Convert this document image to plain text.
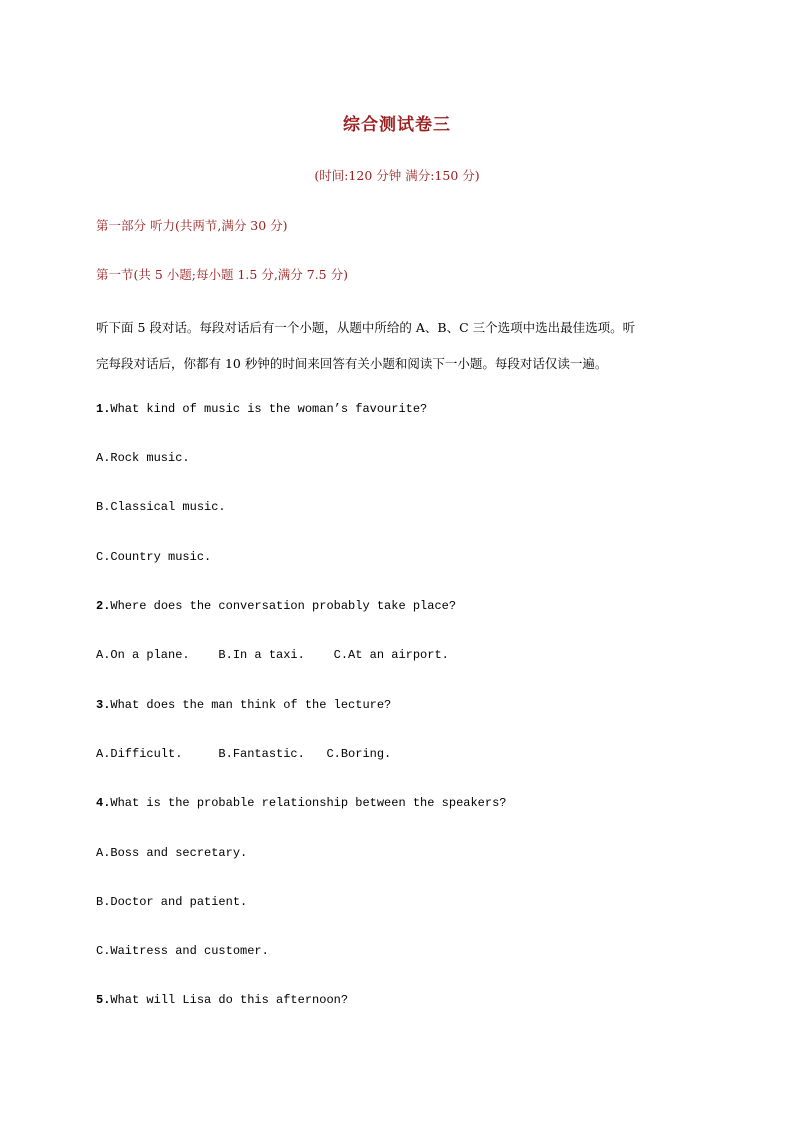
综合测试卷三
(时间:120 分钟 满分:150 分)
第一部分 听力(共两节,满分 30 分)
第一节(共 5 小题;每小题 1.5 分,满分 7.5 分)
听下面 5 段对话。每段对话后有一个小题，从题中所给的 A、B、C 三个选项中选出最佳选项。听
完每段对话后，你都有 10 秒钟的时间来回答有关小题和阅读下一小题。每段对话仅读一遍。
1.What kind of music is the woman’s favourite?
A.Rock music.
B.Classical music.
C.Country music.
2.Where does the conversation probably take place?
A.On a plane.    B.In a taxi.    C.At an airport.
3.What does the man think of the lecture?
A.Difficult.     B.Fantastic.   C.Boring.
4.What is the probable relationship between the speakers?
A.Boss and secretary.
B.Doctor and patient.
C.Waitress and customer.
5.What will Lisa do this afternoon?
